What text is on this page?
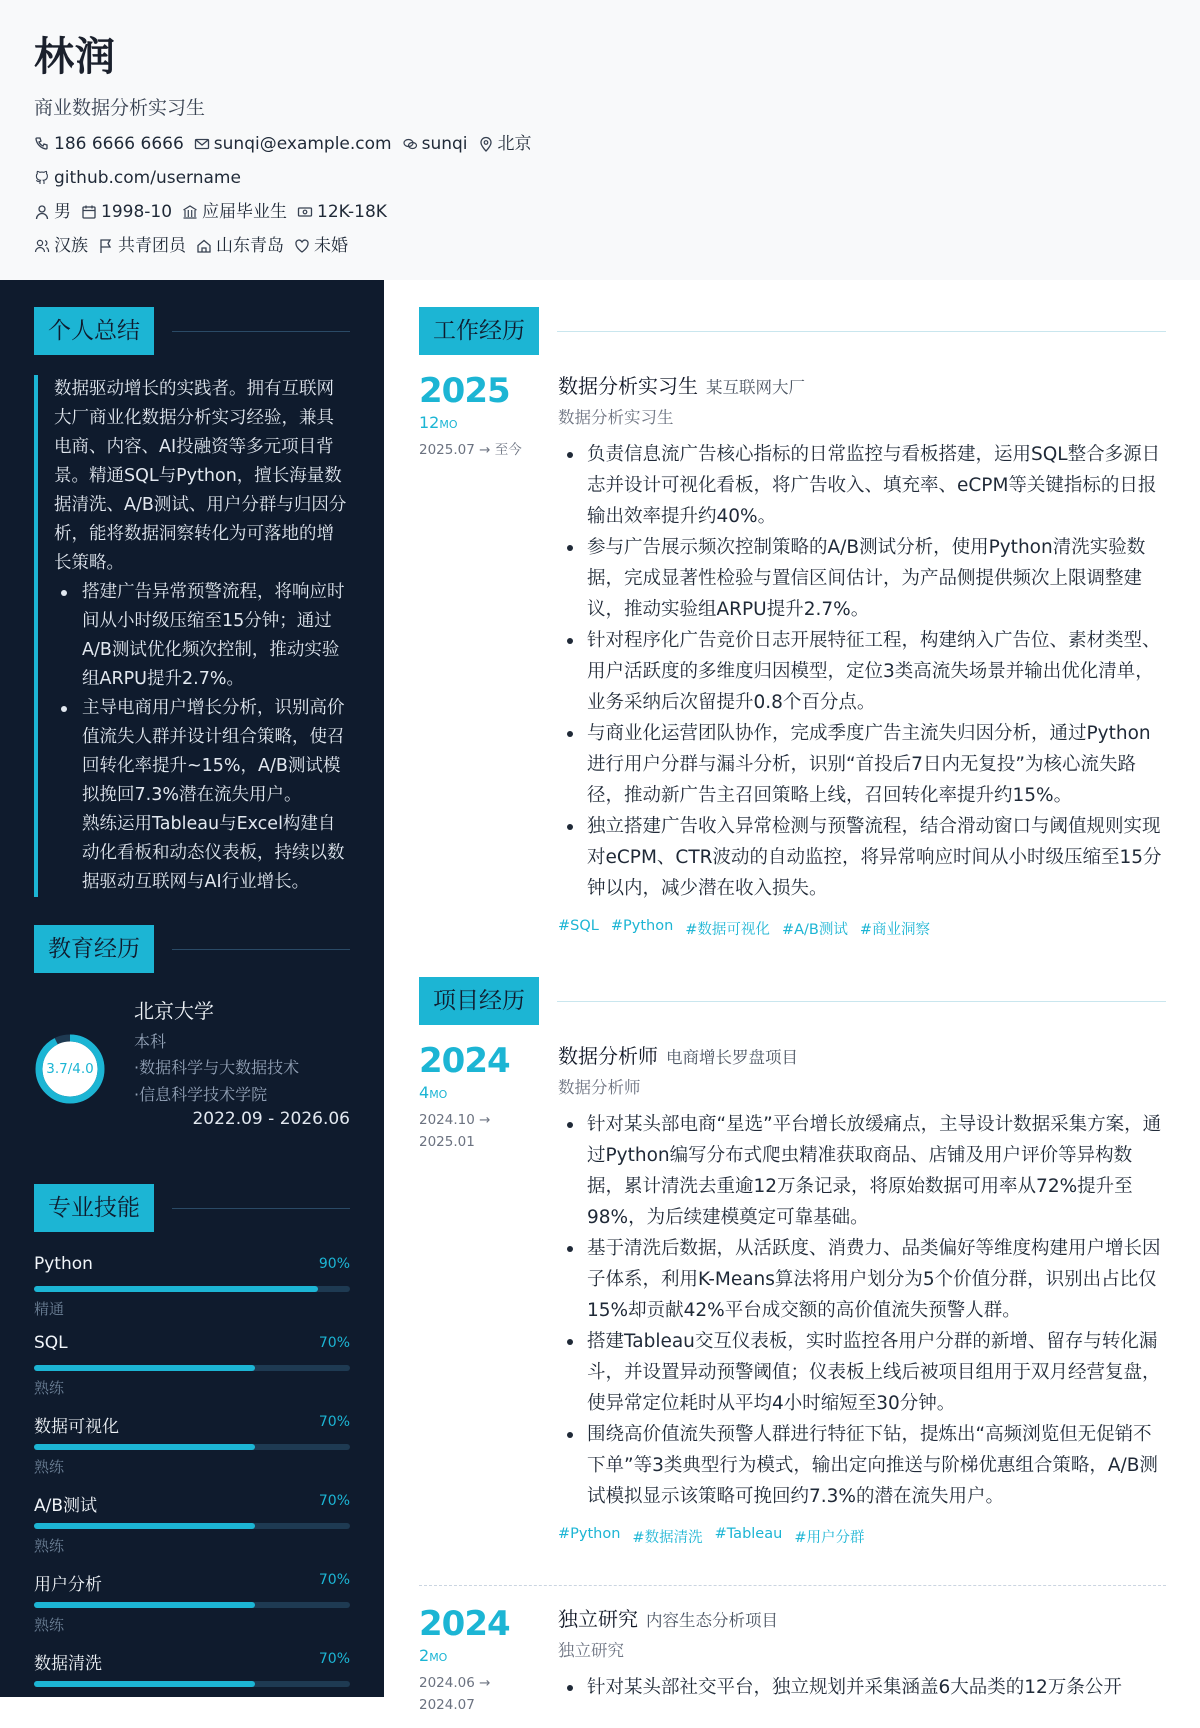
林润
商业数据分析实习生
186 6666 6666 sunqi@example.com sunqi 北京
github.com/username
男 1998-10 应届毕业生 12K-18K
汉族 共青团员 山东青岛 未婚
个人总结
数据驱动增长的实践者。拥有互联网大厂商业化数据分析实习经验，兼具电商、内容、AI投融资等多元项目背景。精通SQL与Python，擅长海量数据清洗、A/B测试、用户分群与归因分析，能将数据洞察转化为可落地的增长策略。
搭建广告异常预警流程，将响应时间从小时级压缩至15分钟；通过A/B测试优化频次控制，推动实验组ARPU提升2.7%。
主导电商用户增长分析，识别高价值流失人群并设计组合策略，使召回转化率提升~15%，A/B测试模拟挽回7.3%潜在流失用户。
熟练运用Tableau与Excel构建自动化看板和动态仪表板，持续以数据驱动互联网与AI行业增长。
教育经历
3.7/4.0
北京大学
本科
·数据科学与大数据技术
·信息科学技术学院
2022.09 - 2026.06
专业技能
Python	90%
精通
SQL	70%
熟练
数据可视化	70%
熟练
A/B测试	70%
熟练
用户分析	70%
熟练
数据清洗	70%
工作经历
2025
12MO
2025.07 → 至今
数据分析实习生 某互联网大厂
数据分析实习生
负责信息流广告核心指标的日常监控与看板搭建，运用SQL整合多源日志并设计可视化看板，将广告收入、填充率、eCPM等关键指标的日报输出效率提升约40%。
参与广告展示频次控制策略的A/B测试分析，使用Python清洗实验数据，完成显著性检验与置信区间估计，为产品侧提供频次上限调整建议，推动实验组ARPU提升2.7%。
针对程序化广告竞价日志开展特征工程，构建纳入广告位、素材类型、用户活跃度的多维度归因模型，定位3类高流失场景并输出优化清单，业务采纳后次留提升0.8个百分点。
与商业化运营团队协作，完成季度广告主流失归因分析，通过Python进行用户分群与漏斗分析，识别“首投后7日内无复投”为核心流失路径，推动新广告主召回策略上线，召回转化率提升约15%。
独立搭建广告收入异常检测与预警流程，结合滑动窗口与阈值规则实现对eCPM、CTR波动的自动监控，将异常响应时间从小时级压缩至15分钟以内，减少潜在收入损失。
#SQL #Python #数据可视化 #A/B测试 #商业洞察
项目经历
2024
4MO
2024.10 → 2025.01
数据分析师 电商增长罗盘项目
数据分析师
针对某头部电商“星选”平台增长放缓痛点，主导设计数据采集方案，通过Python编写分布式爬虫精准获取商品、店铺及用户评价等异构数据，累计清洗去重逾12万条记录，将原始数据可用率从72%提升至98%，为后续建模奠定可靠基础。
基于清洗后数据，从活跃度、消费力、品类偏好等维度构建用户增长因子体系，利用K-Means算法将用户划分为5个价值分群，识别出占比仅15%却贡献42%平台成交额的高价值流失预警人群。
搭建Tableau交互仪表板，实时监控各用户分群的新增、留存与转化漏斗，并设置异动预警阈值；仪表板上线后被项目组用于双月经营复盘，使异常定位耗时从平均4小时缩短至30分钟。
围绕高价值流失预警人群进行特征下钻，提炼出“高频浏览但无促销不下单”等3类典型行为模式，输出定向推送与阶梯优惠组合策略，A/B测试模拟显示该策略可挽回约7.3%的潜在流失用户。
#Python #数据清洗 #Tableau #用户分群
2024
2MO
2024.06 → 2024.07
独立研究 内容生态分析项目
独立研究
针对某头部社交平台，独立规划并采集涵盖6大品类的12万条公开
